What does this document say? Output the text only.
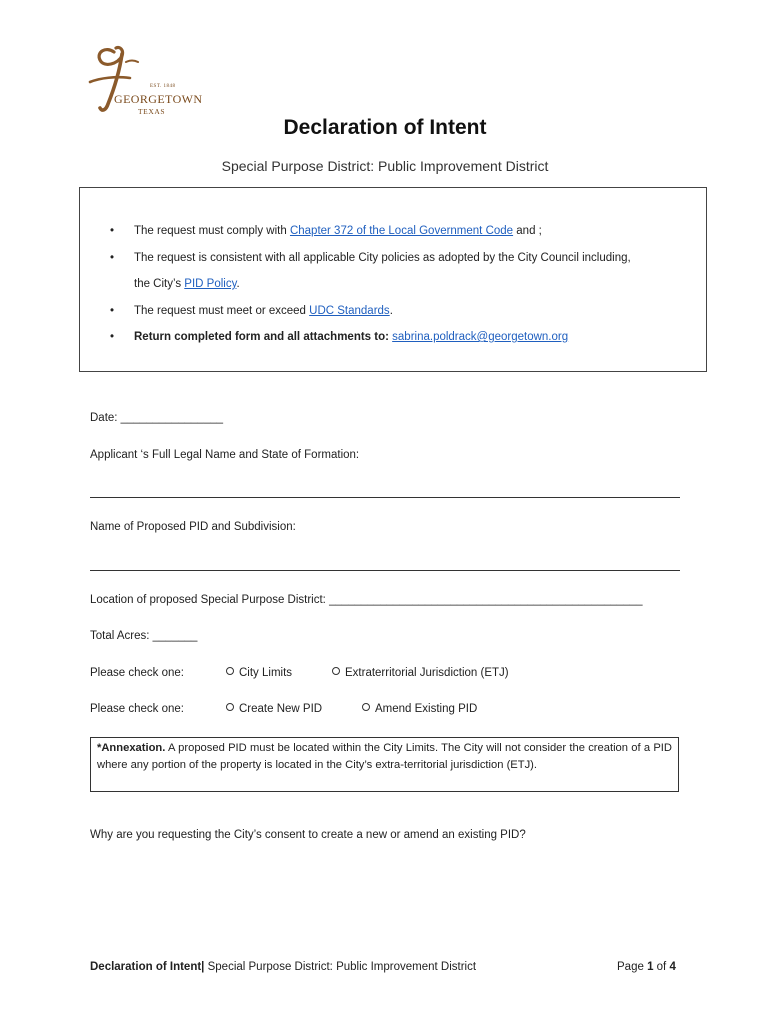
EST. 1848
GEORGETOWN
TEXAS
Declaration of Intent
Special Purpose District: Public Improvement District
• The request must comply with Chapter 372 of the Local Government Code and ;
• The request is consistent with all applicable City policies as adopted by the City Council including,
the City’s PID Policy.
• The request must meet or exceed UDC Standards.
• Return completed form and all attachments to: sabrina.poldrack@georgetown.org
Date: ________________
Applicant ‘s Full Legal Name and State of Formation:
Name of Proposed PID and Subdivision:
Location of proposed Special Purpose District: _________________________________________________
Total Acres: _______
Please check one:	City Limits	Extraterritorial Jurisdiction (ETJ)
Please check one:	Create New PID	Amend Existing PID
*Annexation. A proposed PID must be located within the City Limits. The City will not consider the creation of a PID where any portion of the property is located in the City’s extra-territorial jurisdiction (ETJ).
Why are you requesting the City’s consent to create a new or amend an existing PID?
Declaration of Intent| Special Purpose District: Public Improvement District	Page 1 of 4
